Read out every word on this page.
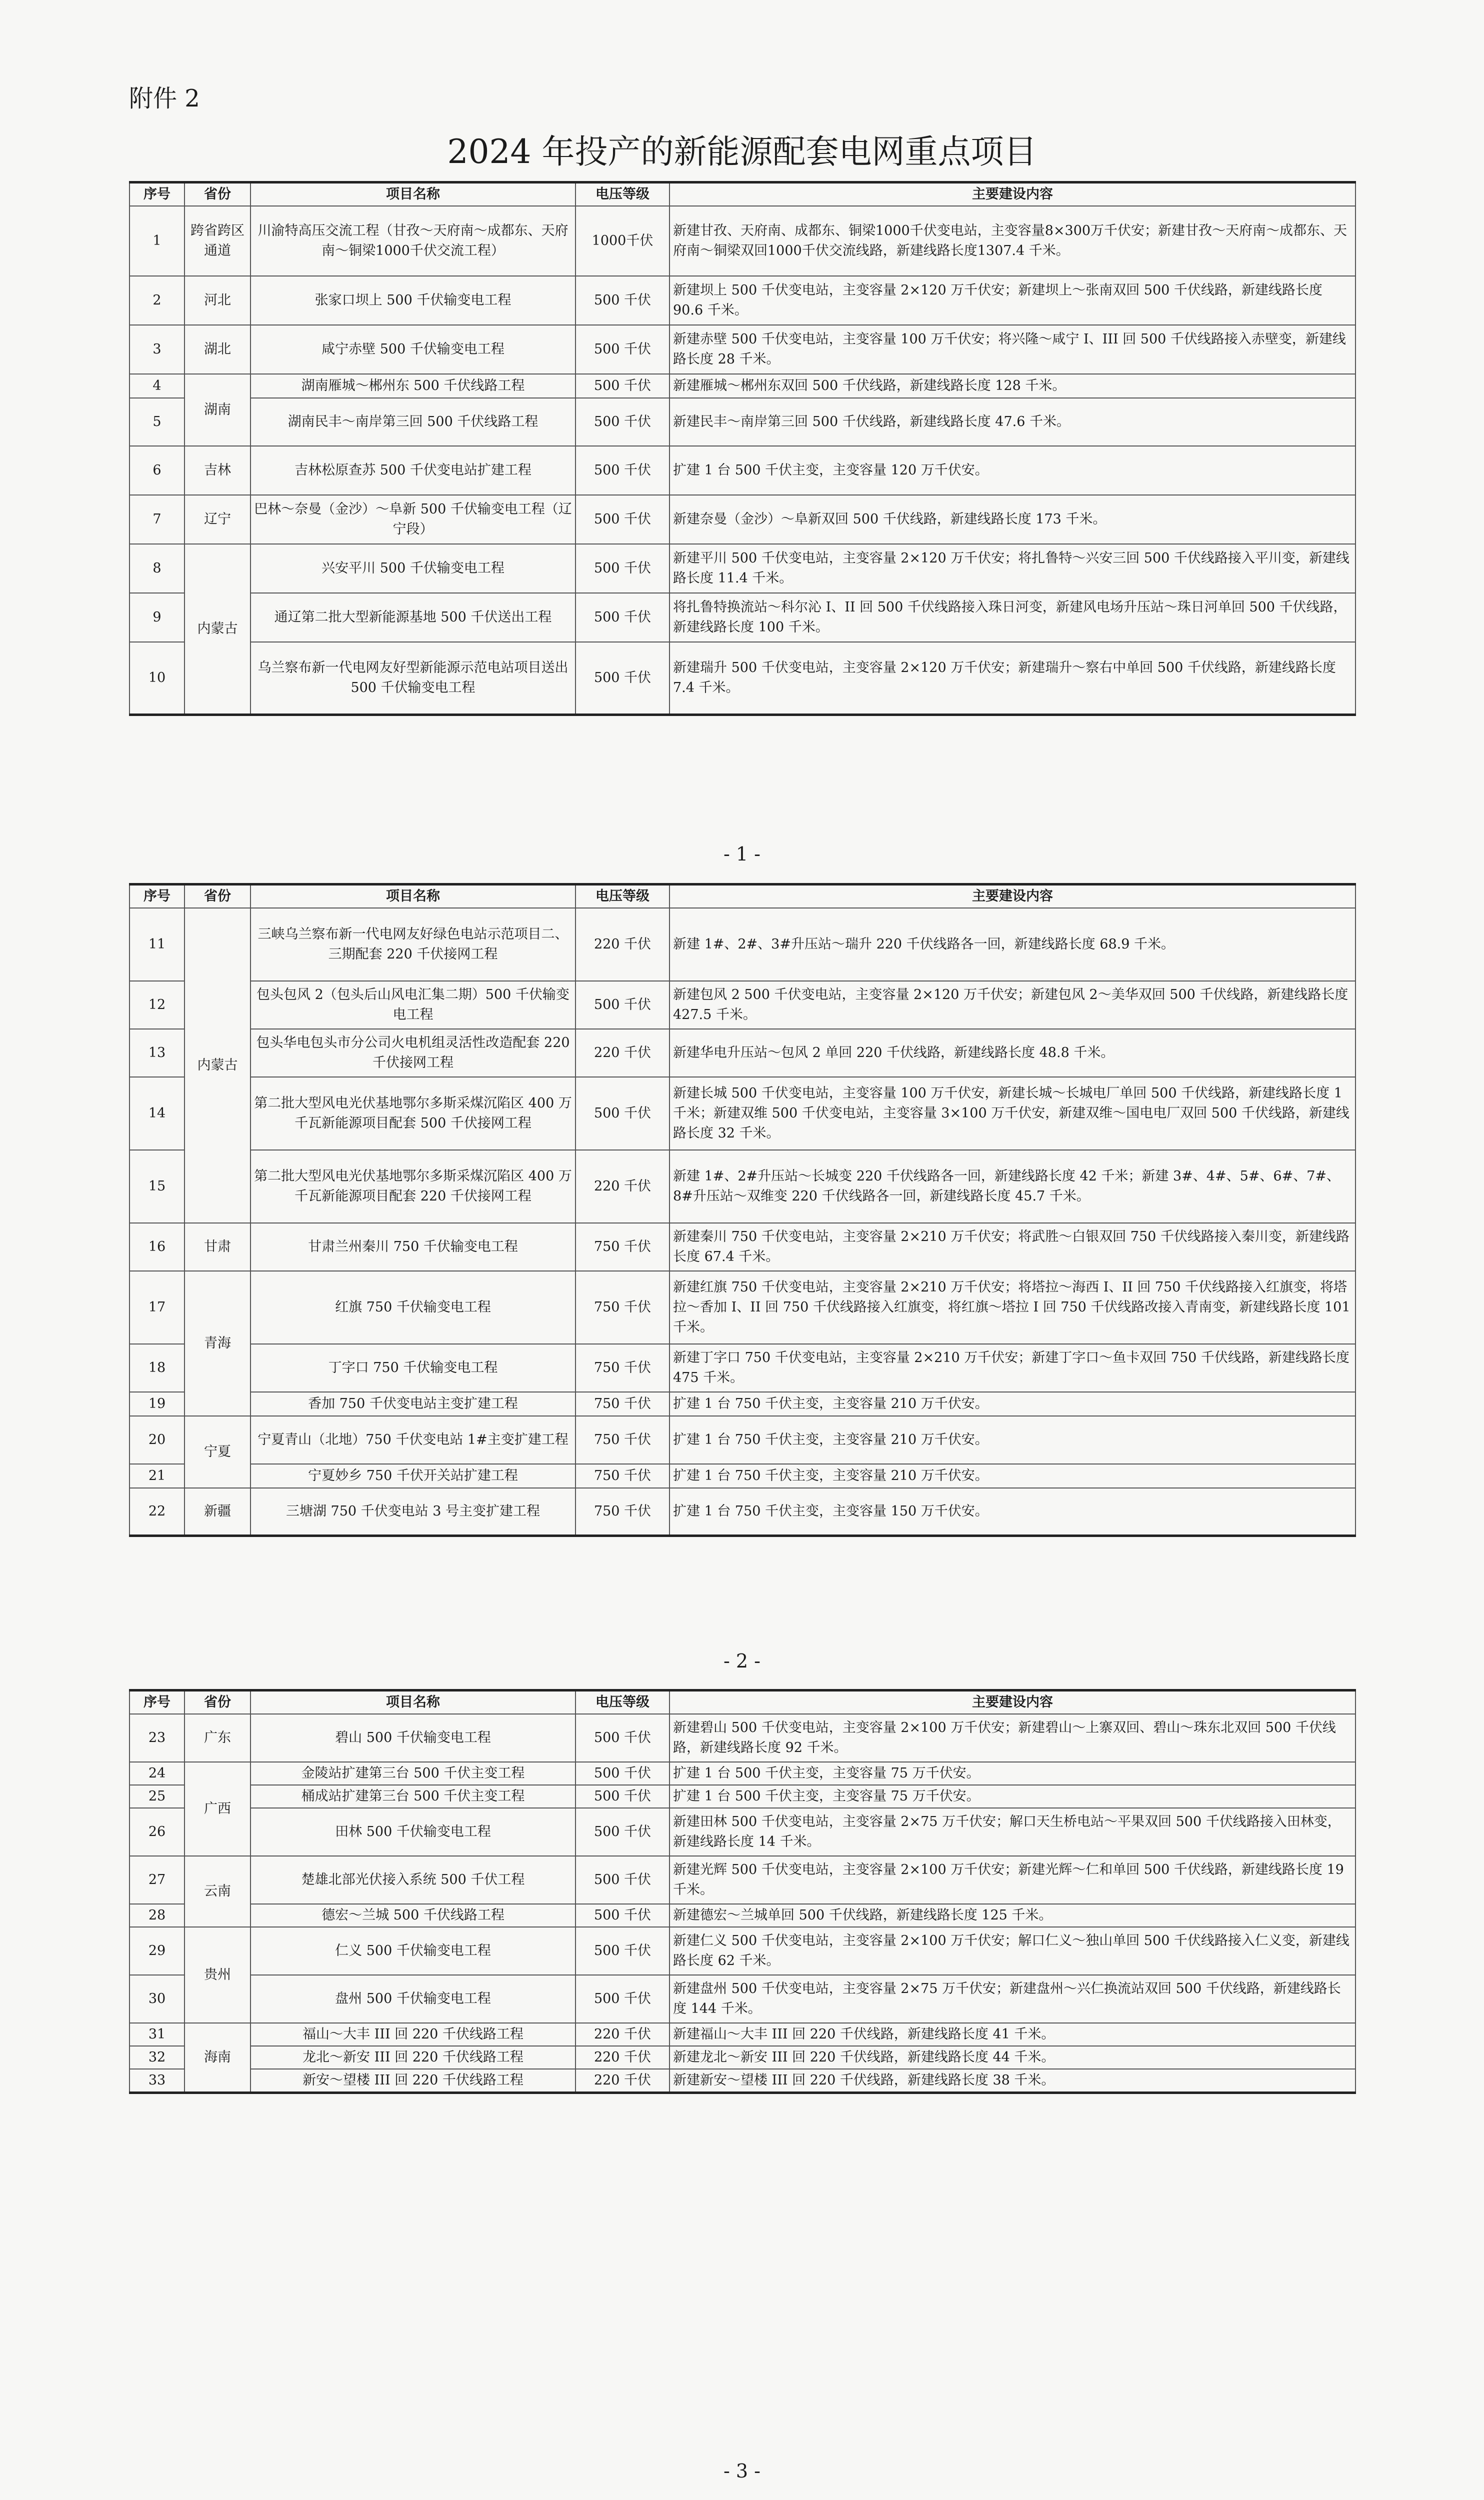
附件 2
2024 年投产的新能源配套电网重点项目
序号	省份	项目名称	电压等级	主要建设内容
1	跨省跨区通道	川渝特高压交流工程（甘孜～天府南～成都东、天府南～铜梁1000千伏交流工程）	1000千伏	新建甘孜、天府南、成都东、铜梁1000千伏变电站，主变容量8×300万千伏安；新建甘孜～天府南～成都东、天府南～铜梁双回1000千伏交流线路，新建线路长度1307.4 千米。
2	河北	张家口坝上 500 千伏输变电工程	500 千伏	新建坝上 500 千伏变电站，主变容量 2×120 万千伏安；新建坝上～张南双回 500 千伏线路，新建线路长度 90.6 千米。
3	湖北	咸宁赤壁 500 千伏输变电工程	500 千伏	新建赤壁 500 千伏变电站，主变容量 100 万千伏安；将兴隆～咸宁 I、III 回 500 千伏线路接入赤壁变，新建线路长度 28 千米。
4	湖南	湖南雁城～郴州东 500 千伏线路工程	500 千伏	新建雁城～郴州东双回 500 千伏线路，新建线路长度 128 千米。
5		湖南民丰～南岸第三回 500 千伏线路工程	500 千伏	新建民丰～南岸第三回 500 千伏线路，新建线路长度 47.6 千米。
6	吉林	吉林松原查苏 500 千伏变电站扩建工程	500 千伏	扩建 1 台 500 千伏主变，主变容量 120 万千伏安。
7	辽宁	巴林～奈曼（金沙）～阜新 500 千伏输变电工程（辽宁段）	500 千伏	新建奈曼（金沙）～阜新双回 500 千伏线路，新建线路长度 173 千米。
8	内蒙古	兴安平川 500 千伏输变电工程	500 千伏	新建平川 500 千伏变电站，主变容量 2×120 万千伏安；将扎鲁特～兴安三回 500 千伏线路接入平川变，新建线路长度 11.4 千米。
9		通辽第二批大型新能源基地 500 千伏送出工程	500 千伏	将扎鲁特换流站～科尔沁 I、II 回 500 千伏线路接入珠日河变，新建风电场升压站～珠日河单回 500 千伏线路，新建线路长度 100 千米。
10		乌兰察布新一代电网友好型新能源示范电站项目送出 500 千伏输变电工程	500 千伏	新建瑞升 500 千伏变电站，主变容量 2×120 万千伏安；新建瑞升～察右中单回 500 千伏线路，新建线路长度 7.4 千米。
- 1 -
序号	省份	项目名称	电压等级	主要建设内容
11	内蒙古	三峡乌兰察布新一代电网友好绿色电站示范项目二、三期配套 220 千伏接网工程	220 千伏	新建 1#、2#、3#升压站～瑞升 220 千伏线路各一回，新建线路长度 68.9 千米。
12		包头包风 2（包头后山风电汇集二期）500 千伏输变电工程	500 千伏	新建包风 2 500 千伏变电站，主变容量 2×120 万千伏安；新建包风 2～美华双回 500 千伏线路，新建线路长度 427.5 千米。
13		包头华电包头市分公司火电机组灵活性改造配套 220 千伏接网工程	220 千伏	新建华电升压站～包风 2 单回 220 千伏线路，新建线路长度 48.8 千米。
14		第二批大型风电光伏基地鄂尔多斯采煤沉陷区 400 万千瓦新能源项目配套 500 千伏接网工程	500 千伏	新建长城 500 千伏变电站，主变容量 100 万千伏安，新建长城～长城电厂单回 500 千伏线路，新建线路长度 1 千米；新建双维 500 千伏变电站，主变容量 3×100 万千伏安，新建双维～国电电厂双回 500 千伏线路，新建线路长度 32 千米。
15		第二批大型风电光伏基地鄂尔多斯采煤沉陷区 400 万千瓦新能源项目配套 220 千伏接网工程	220 千伏	新建 1#、2#升压站～长城变 220 千伏线路各一回，新建线路长度 42 千米；新建 3#、4#、5#、6#、7#、8#升压站～双维变 220 千伏线路各一回，新建线路长度 45.7 千米。
16	甘肃	甘肃兰州秦川 750 千伏输变电工程	750 千伏	新建秦川 750 千伏变电站，主变容量 2×210 万千伏安；将武胜～白银双回 750 千伏线路接入秦川变，新建线路长度 67.4 千米。
17	青海	红旗 750 千伏输变电工程	750 千伏	新建红旗 750 千伏变电站，主变容量 2×210 万千伏安；将塔拉～海西 I、II 回 750 千伏线路接入红旗变，将塔拉～香加 I、II 回 750 千伏线路接入红旗变，将红旗～塔拉 I 回 750 千伏线路改接入青南变，新建线路长度 101 千米。
18		丁字口 750 千伏输变电工程	750 千伏	新建丁字口 750 千伏变电站，主变容量 2×210 万千伏安；新建丁字口～鱼卡双回 750 千伏线路，新建线路长度 475 千米。
19		香加 750 千伏变电站主变扩建工程	750 千伏	扩建 1 台 750 千伏主变，主变容量 210 万千伏安。
20	宁夏	宁夏青山（北地）750 千伏变电站 1#主变扩建工程	750 千伏	扩建 1 台 750 千伏主变，主变容量 210 万千伏安。
21		宁夏妙乡 750 千伏开关站扩建工程	750 千伏	扩建 1 台 750 千伏主变，主变容量 210 万千伏安。
22	新疆	三塘湖 750 千伏变电站 3 号主变扩建工程	750 千伏	扩建 1 台 750 千伏主变，主变容量 150 万千伏安。
- 2 -
序号	省份	项目名称	电压等级	主要建设内容
23	广东	碧山 500 千伏输变电工程	500 千伏	新建碧山 500 千伏变电站，主变容量 2×100 万千伏安；新建碧山～上寨双回、碧山～珠东北双回 500 千伏线路，新建线路长度 92 千米。
24	广西	金陵站扩建第三台 500 千伏主变工程	500 千伏	扩建 1 台 500 千伏主变，主变容量 75 万千伏安。
25		桶成站扩建第三台 500 千伏主变工程	500 千伏	扩建 1 台 500 千伏主变，主变容量 75 万千伏安。
26		田林 500 千伏输变电工程	500 千伏	新建田林 500 千伏变电站，主变容量 2×75 万千伏安；解口天生桥电站～平果双回 500 千伏线路接入田林变，新建线路长度 14 千米。
27	云南	楚雄北部光伏接入系统 500 千伏工程	500 千伏	新建光辉 500 千伏变电站，主变容量 2×100 万千伏安；新建光辉～仁和单回 500 千伏线路，新建线路长度 19 千米。
28		德宏～兰城 500 千伏线路工程	500 千伏	新建德宏～兰城单回 500 千伏线路，新建线路长度 125 千米。
29	贵州	仁义 500 千伏输变电工程	500 千伏	新建仁义 500 千伏变电站，主变容量 2×100 万千伏安；解口仁义～独山单回 500 千伏线路接入仁义变，新建线路长度 62 千米。
30		盘州 500 千伏输变电工程	500 千伏	新建盘州 500 千伏变电站，主变容量 2×75 万千伏安；新建盘州～兴仁换流站双回 500 千伏线路，新建线路长度 144 千米。
31	海南	福山～大丰 III 回 220 千伏线路工程	220 千伏	新建福山～大丰 III 回 220 千伏线路，新建线路长度 41 千米。
32		龙北～新安 III 回 220 千伏线路工程	220 千伏	新建龙北～新安 III 回 220 千伏线路，新建线路长度 44 千米。
33		新安～望楼 III 回 220 千伏线路工程	220 千伏	新建新安～望楼 III 回 220 千伏线路，新建线路长度 38 千米。
- 3 -
